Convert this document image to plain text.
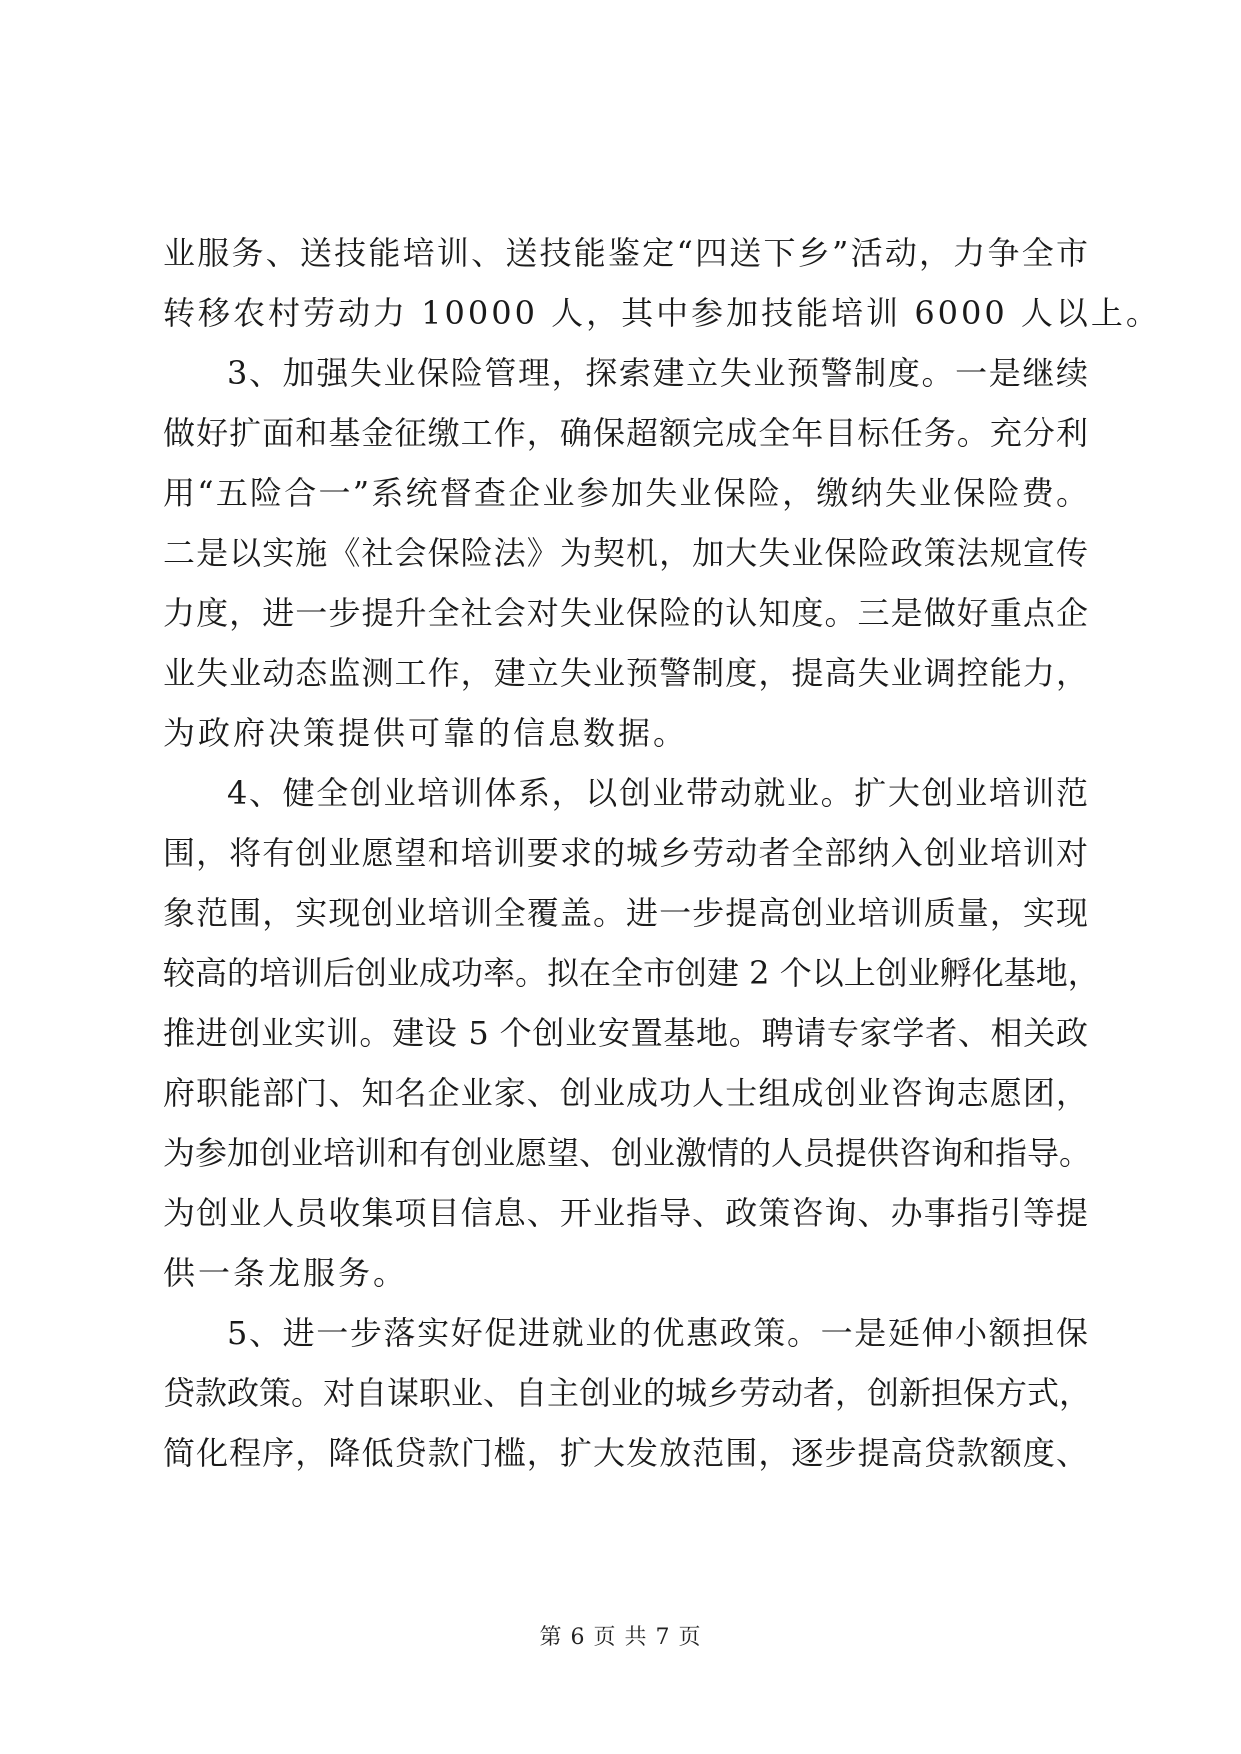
业服务、送技能培训、送技能鉴定“四送下乡”活动，力争全市
转移农村劳动力 10000 人，其中参加技能培训 6000 人以上。
3、加强失业保险管理，探索建立失业预警制度。一是继续
做好扩面和基金征缴工作，确保超额完成全年目标任务。充分利
用“五险合一”系统督查企业参加失业保险，缴纳失业保险费。
二是以实施《社会保险法》为契机，加大失业保险政策法规宣传
力度，进一步提升全社会对失业保险的认知度。三是做好重点企
业失业动态监测工作，建立失业预警制度，提高失业调控能力，
为政府决策提供可靠的信息数据。
4、健全创业培训体系，以创业带动就业。扩大创业培训范
围，将有创业愿望和培训要求的城乡劳动者全部纳入创业培训对
象范围，实现创业培训全覆盖。进一步提高创业培训质量，实现
较高的培训后创业成功率。拟在全市创建 2 个以上创业孵化基地，
推进创业实训。建设 5 个创业安置基地。聘请专家学者、相关政
府职能部门、知名企业家、创业成功人士组成创业咨询志愿团，
为参加创业培训和有创业愿望、创业激情的人员提供咨询和指导。
为创业人员收集项目信息、开业指导、政策咨询、办事指引等提
供一条龙服务。
5、进一步落实好促进就业的优惠政策。一是延伸小额担保
贷款政策。对自谋职业、自主创业的城乡劳动者，创新担保方式，
简化程序，降低贷款门槛，扩大发放范围，逐步提高贷款额度、
第 6 页 共 7 页
